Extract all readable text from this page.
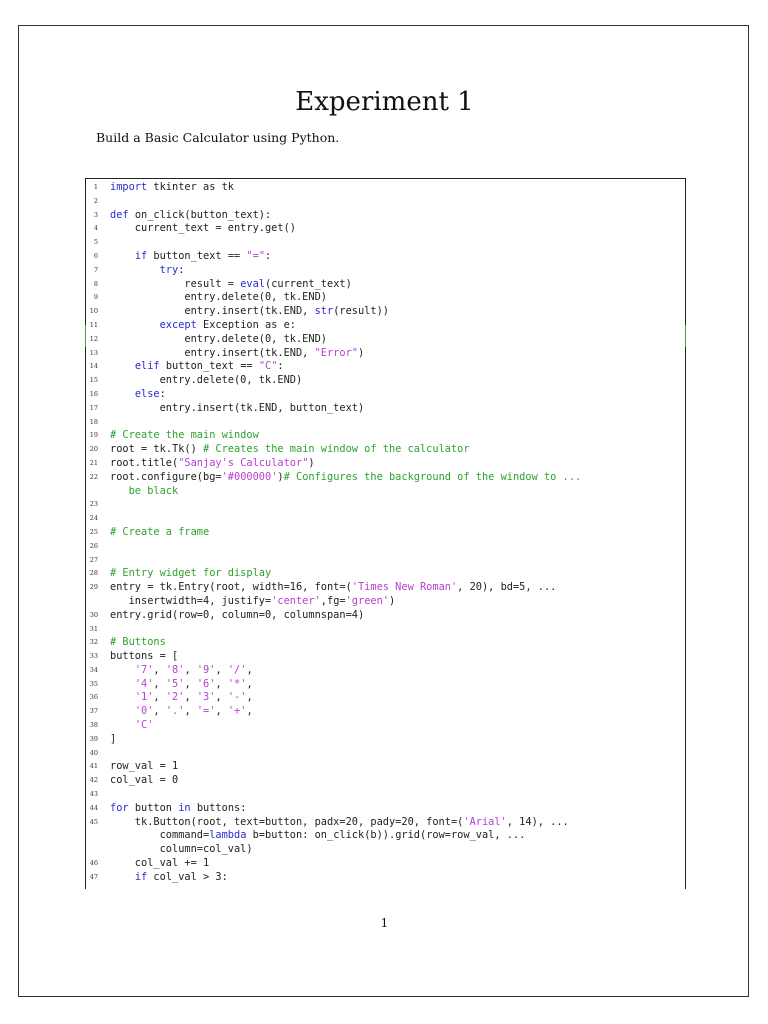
Experiment 1
Build a Basic Calculator using Python.
1 import tkinter as tk
2
3 def on_click(button_text):
4 current_text = entry.get()
5
6	if button_text == "=":
7	try:
8 result = eval(current_text)
9 entry.delete(0, tk.END)
10 entry.insert(tk.END, str(result))
11	except Exception as e:
12 entry.delete(0, tk.END)
13 entry.insert(tk.END, "Error")
14	elif button_text == "C":
15 entry.delete(0, tk.END)
16	else:
17 entry.insert(tk.END, button_text)
18
19 # Create the main window
20 root = tk.Tk() # Creates the main window of the calculator
21 root.title("Sanjay's Calculator")
22 root.configure(bg='#000000')# Configures the background of the window to ...
be black
23
24
25 # Create a frame
26
27
28 # Entry widget for display
29 entry = tk.Entry(root, width=16, font=('Times New Roman', 20), bd=5, ...
insertwidth=4, justify='center',fg='green')
30 entry.grid(row=0, column=0, columnspan=4)
31
32 # Buttons
33 buttons = [
34	'7', '8', '9', '/',
35	'4', '5', '6', '*',
36	'1', '2', '3', '-',
37	'0', '.', '=', '+',
38	'C'
39 ]
40
41 row_val = 1
42 col_val = 0
43
44 for button in buttons:
45 tk.Button(root, text=button, padx=20, pady=20, font=('Arial', 14), ...
command=lambda b=button: on_click(b)).grid(row=row_val, ...
column=col_val)
46 col_val += 1
47	if col_val > 3:
1
